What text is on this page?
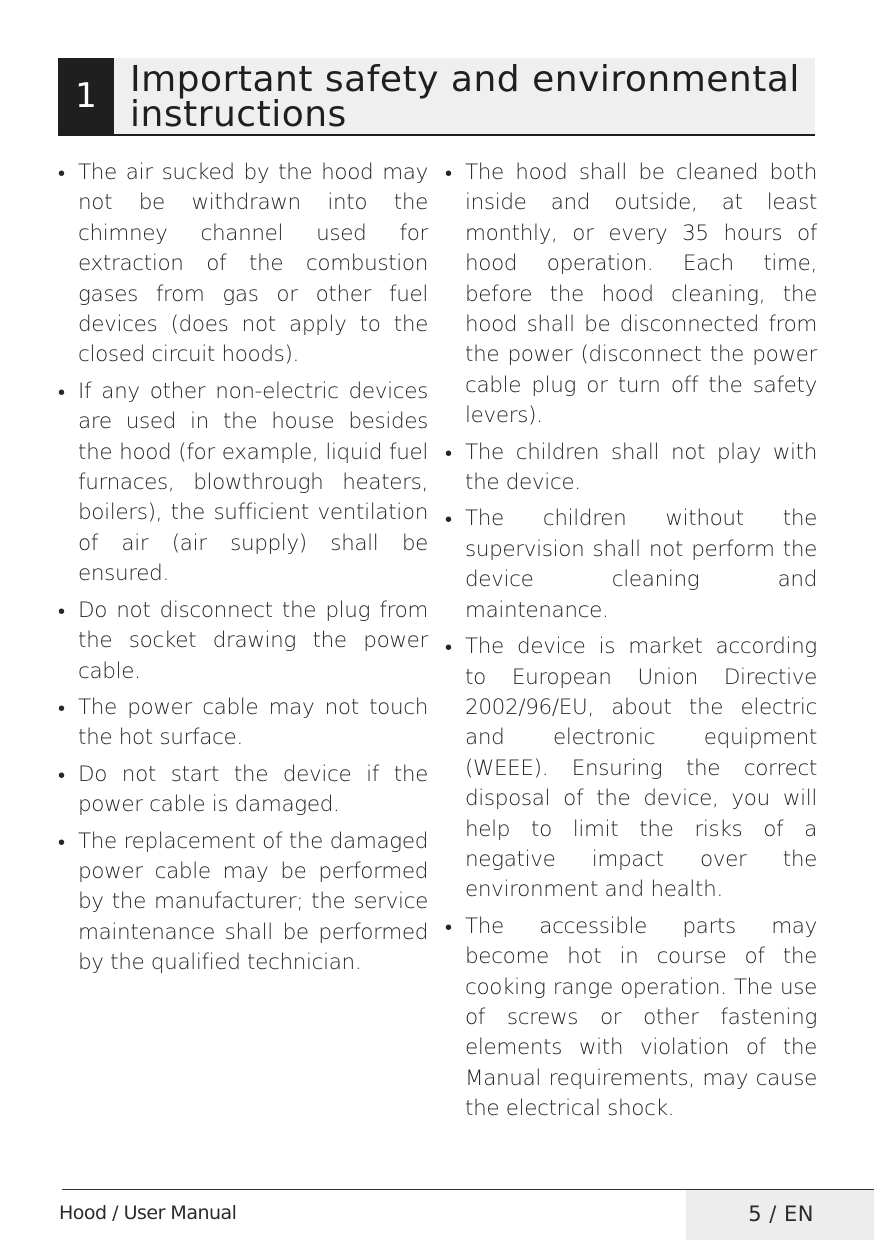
1 Important safety and environmental instructions
• The air sucked by the hood may not be withdrawn into the chimney channel used for extraction of the combustion gases from gas or other fuel devices (does not apply to the closed circuit hoods).
• If any other non-electric devices are used in the house besides the hood (for example, liquid fuel furnaces, blowthrough heaters, boilers), the sufficient ventilation of air (air supply) shall be ensured.
• Do not disconnect the plug from the socket drawing the power cable.
• The power cable may not touch the hot surface.
• Do not start the device if the power cable is damaged.
• The replacement of the damaged power cable may be performed by the manufacturer; the service maintenance shall be performed by the qualified technician.
• The hood shall be cleaned both inside and outside, at least monthly, or every 35 hours of hood operation. Each time, before the hood cleaning, the hood shall be disconnected from the power (disconnect the power cable plug or turn off the safety levers).
• The children shall not play with the device.
• The children without the supervision shall not perform the device cleaning and maintenance.
• The device is market according to European Union Directive 2002/96/EU, about the electric and electronic equipment (WEEE). Ensuring the correct disposal of the device, you will help to limit the risks of a negative impact over the environment and health.
• The accessible parts may become hot in course of the cooking range operation. The use of screws or other fastening elements with violation of the Manual requirements, may cause the electrical shock.
Hood / User Manual	5 / EN
